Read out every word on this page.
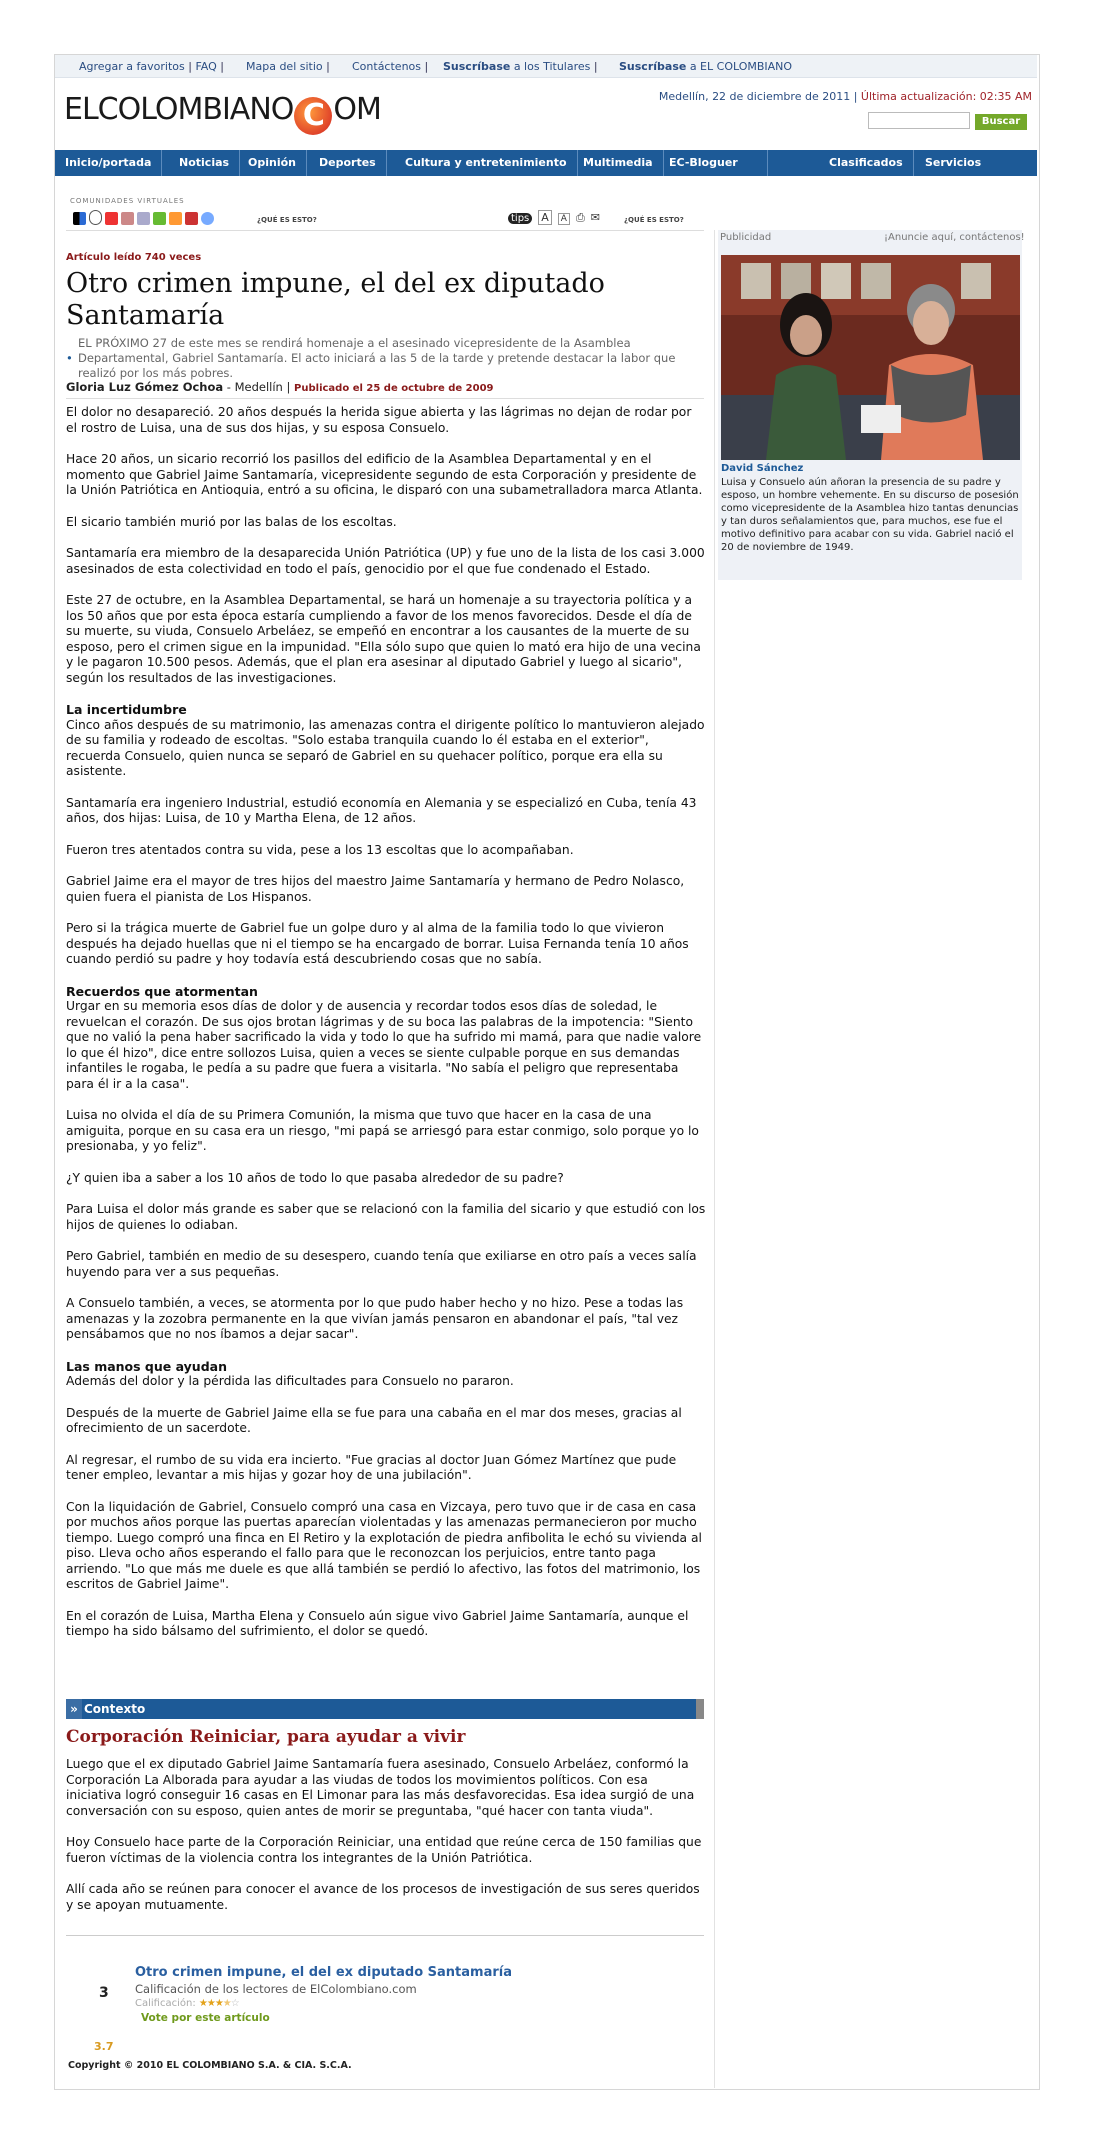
Agregar a favoritos | FAQ | Mapa del sitio | Contáctenos | Suscríbase a los Titulares | Suscríbase a EL COLOMBIANO
ELCOLOMBIANO C OM	Medellín, 22 de diciembre de 2011 | Última actualización: 02:35 AM
Buscar
Inicio/portada	Noticias	Opinión	Deportes	Cultura y entretenimiento	Multimedia	EC-Bloguer	Clasificados	Servicios
COMUNIDADES VIRTUALES
¿QUÉ ES ESTO?	tips A A ⎙ ✉	¿QUÉ ES ESTO?
Artículo leído 740 veces
Otro crimen impune, el del ex diputado Santamaría
• EL PRÓXIMO 27 de este mes se rendirá homenaje a el asesinado vicepresidente de la Asamblea Departamental, Gabriel Santamaría. El acto iniciará a las 5 de la tarde y pretende destacar la labor que realizó por los más pobres.
Gloria Luz Gómez Ochoa - Medellín | Publicado el 25 de octubre de 2009

El dolor no desapareció. 20 años después la herida sigue abierta y las lágrimas no dejan de rodar por el rostro de Luisa, una de sus dos hijas, y su esposa Consuelo.

Hace 20 años, un sicario recorrió los pasillos del edificio de la Asamblea Departamental y en el momento que Gabriel Jaime Santamaría, vicepresidente segundo de esta Corporación y presidente de la Unión Patriótica en Antioquia, entró a su oficina, le disparó con una subametralladora marca Atlanta.

El sicario también murió por las balas de los escoltas.

Santamaría era miembro de la desaparecida Unión Patriótica (UP) y fue uno de la lista de los casi 3.000 asesinados de esta colectividad en todo el país, genocidio por el que fue condenado el Estado.

Este 27 de octubre, en la Asamblea Departamental, se hará un homenaje a su trayectoria política y a los 50 años que por esta época estaría cumpliendo a favor de los menos favorecidos. Desde el día de su muerte, su viuda, Consuelo Arbeláez, se empeñó en encontrar a los causantes de la muerte de su esposo, pero el crimen sigue en la impunidad. "Ella sólo supo que quien lo mató era hijo de una vecina y le pagaron 10.500 pesos. Además, que el plan era asesinar al diputado Gabriel y luego al sicario", según los resultados de las investigaciones.

La incertidumbre

Cinco años después de su matrimonio, las amenazas contra el dirigente político lo mantuvieron alejado de su familia y rodeado de escoltas. "Solo estaba tranquila cuando lo él estaba en el exterior", recuerda Consuelo, quien nunca se separó de Gabriel en su quehacer político, porque era ella su asistente.

Santamaría era ingeniero Industrial, estudió economía en Alemania y se especializó en Cuba, tenía 43 años, dos hijas: Luisa, de 10 y Martha Elena, de 12 años.

Fueron tres atentados contra su vida, pese a los 13 escoltas que lo acompañaban.

Gabriel Jaime era el mayor de tres hijos del maestro Jaime Santamaría y hermano de Pedro Nolasco, quien fuera el pianista de Los Hispanos.

Pero si la trágica muerte de Gabriel fue un golpe duro y al alma de la familia todo lo que vivieron después ha dejado huellas que ni el tiempo se ha encargado de borrar. Luisa Fernanda tenía 10 años cuando perdió su padre y hoy todavía está descubriendo cosas que no sabía.

Recuerdos que atormentan

Urgar en su memoria esos días de dolor y de ausencia y recordar todos esos días de soledad, le revuelcan el corazón. De sus ojos brotan lágrimas y de su boca las palabras de la impotencia: "Siento que no valió la pena haber sacrificado la vida y todo lo que ha sufrido mi mamá, para que nadie valore lo que él hizo", dice entre sollozos Luisa, quien a veces se siente culpable porque en sus demandas infantiles le rogaba, le pedía a su padre que fuera a visitarla. "No sabía el peligro que representaba para él ir a la casa".

Luisa no olvida el día de su Primera Comunión, la misma que tuvo que hacer en la casa de una amiguita, porque en su casa era un riesgo, "mi papá se arriesgó para estar conmigo, solo porque yo lo presionaba, y yo feliz".

¿Y quien iba a saber a los 10 años de todo lo que pasaba alrededor de su padre?

Para Luisa el dolor más grande es saber que se relacionó con la familia del sicario y que estudió con los hijos de quienes lo odiaban.

Pero Gabriel, también en medio de su desespero, cuando tenía que exiliarse en otro país a veces salía huyendo para ver a sus pequeñas.

A Consuelo también, a veces, se atormenta por lo que pudo haber hecho y no hizo. Pese a todas las amenazas y la zozobra permanente en la que vivían jamás pensaron en abandonar el país, "tal vez pensábamos que no nos íbamos a dejar sacar".

Las manos que ayudan

Además del dolor y la pérdida las dificultades para Consuelo no pararon.

Después de la muerte de Gabriel Jaime ella se fue para una cabaña en el mar dos meses, gracias al ofrecimiento de un sacerdote.

Al regresar, el rumbo de su vida era incierto. "Fue gracias al doctor Juan Gómez Martínez que pude tener empleo, levantar a mis hijas y gozar hoy de una jubilación".

Con la liquidación de Gabriel, Consuelo compró una casa en Vizcaya, pero tuvo que ir de casa en casa por muchos años porque las puertas aparecían violentadas y las amenazas permanecieron por mucho tiempo. Luego compró una finca en El Retiro y la explotación de piedra anfibolita le echó su vivienda al piso. Lleva ocho años esperando el fallo para que le reconozcan los perjuicios, entre tanto paga arriendo. "Lo que más me duele es que allá también se perdió lo afectivo, las fotos del matrimonio, los escritos de Gabriel Jaime".

En el corazón de Luisa, Martha Elena y Consuelo aún sigue vivo Gabriel Jaime Santamaría, aunque el tiempo ha sido bálsamo del sufrimiento, el dolor se quedó.

» Contexto
Corporación Reiniciar, para ayudar a vivir

Luego que el ex diputado Gabriel Jaime Santamaría fuera asesinado, Consuelo Arbeláez, conformó la Corporación La Alborada para ayudar a las viudas de todos los movimientos políticos. Con esa iniciativa logró conseguir 16 casas en El Limonar para las más desfavorecidas. Esa idea surgió de una conversación con su esposo, quien antes de morir se preguntaba, "qué hacer con tanta viuda".

Hoy Consuelo hace parte de la Corporación Reiniciar, una entidad que reúne cerca de 150 familias que fueron víctimas de la violencia contra los integrantes de la Unión Patriótica.

Allí cada año se reúnen para conocer el avance de los procesos de investigación de sus seres queridos y se apoyan mutuamente.

3
Otro crimen impune, el del ex diputado Santamaría
Calificación de los lectores de ElColombiano.com
Calificación: ★★★★☆
Vote por este artículo
3.7
Copyright © 2010 EL COLOMBIANO S.A. & CIA. S.C.A.
Publicidad	¡Anuncie aquí, contáctenos!
David Sánchez
Luisa y Consuelo aún añoran la presencia de su padre y esposo, un hombre vehemente. En su discurso de posesión como vicepresidente de la Asamblea hizo tantas denuncias y tan duros señalamientos que, para muchos, ese fue el motivo definitivo para acabar con su vida. Gabriel nació el 20 de noviembre de 1949.
